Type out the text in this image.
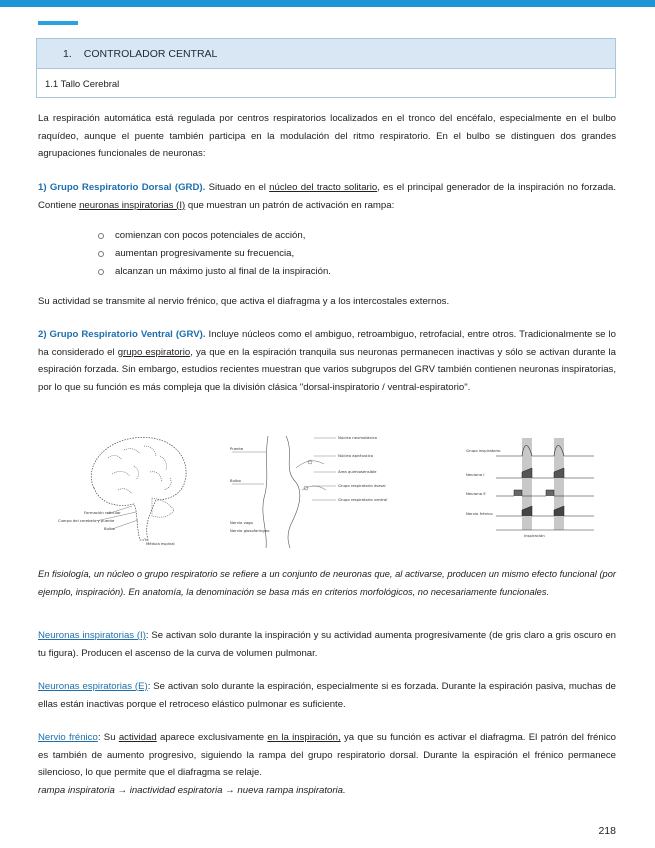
1. CONTROLADOR CENTRAL
1.1 Tallo Cerebral

La respiración automática está regulada por centros respiratorios localizados en el tronco del encéfalo, especialmente en el bulbo raquídeo, aunque el puente también participa en la modulación del ritmo respiratorio. En el bulbo se distinguen dos grandes agrupaciones funcionales de neuronas:

1) Grupo Respiratorio Dorsal (GRD). Situado en el núcleo del tracto solitario, es el principal generador de la inspiración no forzada. Contiene neuronas inspiratorias (I) que muestran un patrón de activación en rampa:

comienzan con pocos potenciales de acción,
aumentan progresivamente su frecuencia,
alcanzan un máximo justo al final de la inspiración.

Su actividad se transmite al nervio frénico, que activa el diafragma y a los intercostales externos.

2) Grupo Respiratorio Ventral (GRV). Incluye núcleos como el ambiguo, retroambiguo, retrofacial, entre otros. Tradicionalmente se lo ha considerado el grupo espiratorio, ya que en la espiración tranquila sus neuronas permanecen inactivas y sólo se activan durante la espiración forzada. Sin embargo, estudios recientes muestran que varios subgrupos del GRV también contienen neuronas inspiratorias, por lo que su función es más compleja que la división clásica "dorsal-inspiratorio / ventral-espiratorio".

Formación reticular
Cuerpo del cerebelo y puente
Bulbo
Médula espinal
Núcleo neumotáxico
Puente
Núcleo apnéustico
Bulbo
Área quimiosensible
Grupo respiratorio dorsal
Grupo respiratorio ventral
Nervio vago
Nervio glosofaríngeo
Grupo inspiratorio
Neurona I
Neurona E
Nervio frénico
Inspiración

En fisiología, un núcleo o grupo respiratorio se refiere a un conjunto de neuronas que, al activarse, producen un mismo efecto funcional (por ejemplo, inspiración). En anatomía, la denominación se basa más en criterios morfológicos, no necesariamente funcionales.

Neuronas inspiratorias (I): Se activan solo durante la inspiración y su actividad aumenta progresivamente (de gris claro a gris oscuro en tu figura). Producen el ascenso de la curva de volumen pulmonar.

Neuronas espiratorias (E): Se activan solo durante la espiración, especialmente si es forzada. Durante la espiración pasiva, muchas de ellas están inactivas porque el retroceso elástico pulmonar es suficiente.

Nervio frénico: Su actividad aparece exclusivamente en la inspiración, ya que su función es activar el diafragma. El patrón del frénico es también de aumento progresivo, siguiendo la rampa del grupo respiratorio dorsal. Durante la espiración el frénico permanece silencioso, lo que permite que el diafragma se relaje.
rampa inspiratoria → inactividad espiratoria → nueva rampa inspiratoria.

218
